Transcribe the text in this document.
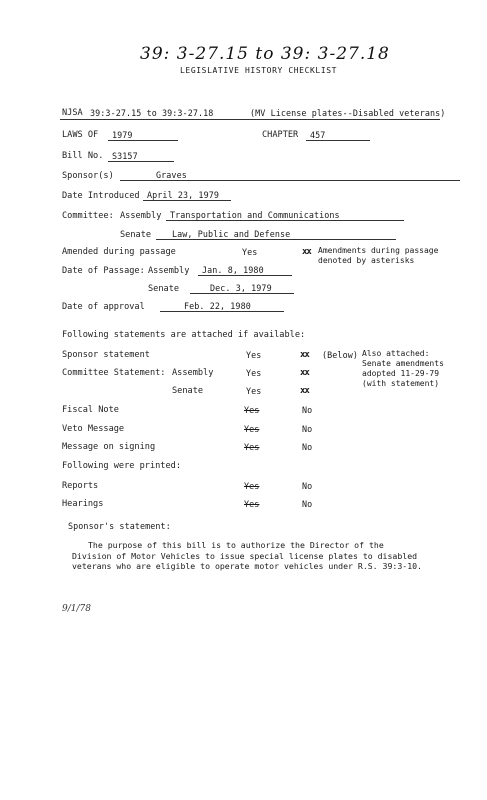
39: 3-27.15 to 39: 3-27.18
LEGISLATIVE HISTORY CHECKLIST
NJSA 39:3-27.15 to 39:3-27.18	(MV License plates--Disabled veterans)
LAWS OF	1979	CHAPTER	457
Bill No.	S3157
Sponsor(s)	Graves
Date Introduced April 23, 1979
Committee: Assembly	Transportation and Communications
Senate	Law, Public and Defense
Amended during passage	Yes	xx Amendments during passage denoted by asterisks
Date of Passage: Assembly	Jan. 8, 1980
Senate	Dec. 3, 1979
Date of approval	Feb. 22, 1980
Following statements are attached if available:
Sponsor statement	Yes	xx (Below)
Committee Statement: Assembly	Yes	xx
Senate	Yes	xx
Also attached:
Senate amendments
adopted 11-29-79
(with statement)
Fiscal Note	Yes	No
Veto Message	Yes	No
Message on signing	Yes	No
Following were printed:
Reports	Yes	No
Hearings	Yes	No
Sponsor's statement:
The purpose of this bill is to authorize the Director of the Division of Motor Vehicles to issue special license plates to disabled veterans who are eligible to operate motor vehicles under R.S. 39:3-10.
9/1/78
